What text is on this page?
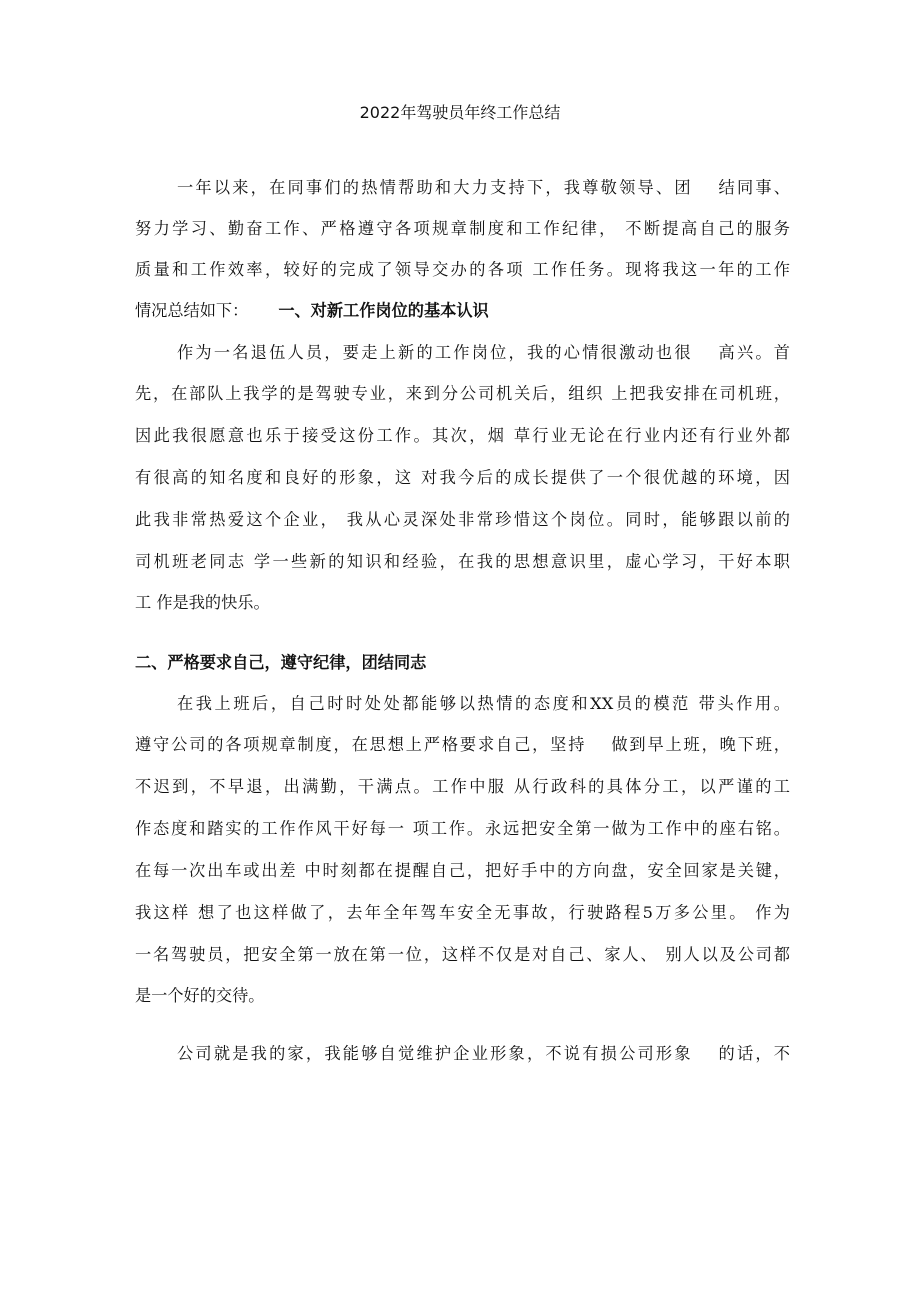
2022年驾驶员年终工作总结
一年以来，在同事们的热情帮助和大力支持下，我尊敬领导、团 　结同事、
努力学习、勤奋工作、严格遵守各项规章制度和工作纪律， 不断提高自己的服务
质量和工作效率，较好的完成了领导交办的各项 工作任务。现将我这一年的工作
情况总结如下： 一、对新工作岗位的基本认识
作为一名退伍人员，要走上新的工作岗位，我的心情很激动也很　 高兴。首
先，在部队上我学的是驾驶专业，来到分公司机关后，组织 上把我安排在司机班，
因此我很愿意也乐于接受这份工作。其次，烟 草行业无论在行业内还有行业外都
有很高的知名度和良好的形象，这 对我今后的成长提供了一个很优越的环境，因
此我非常热爱这个企业， 我从心灵深处非常珍惜这个岗位。同时，能够跟以前的
司机班老同志 学一些新的知识和经验，在我的思想意识里，虚心学习，干好本职
工 作是我的快乐。
二、严格要求自己，遵守纪律，团结同志
在我上班后，自己时时处处都能够以热情的态度和XX员的模范 带头作用。
遵守公司的各项规章制度，在思想上严格要求自己，坚持　 做到早上班，晚下班，
不迟到，不早退，出满勤，干满点。工作中服 从行政科的具体分工，以严谨的工
作态度和踏实的工作作风干好每一 项工作。永远把安全第一做为工作中的座右铭。
在每一次出车或出差 中时刻都在提醒自己，把好手中的方向盘，安全回家是关键，
我这样 想了也这样做了，去年全年驾车安全无事故，行驶路程5万多公里。 作为
一名驾驶员，把安全第一放在第一位，这样不仅是对自己、家人、 别人以及公司都
是一个好的交待。
公司就是我的家，我能够自觉维护企业形象，不说有损公司形象　 的话，不
